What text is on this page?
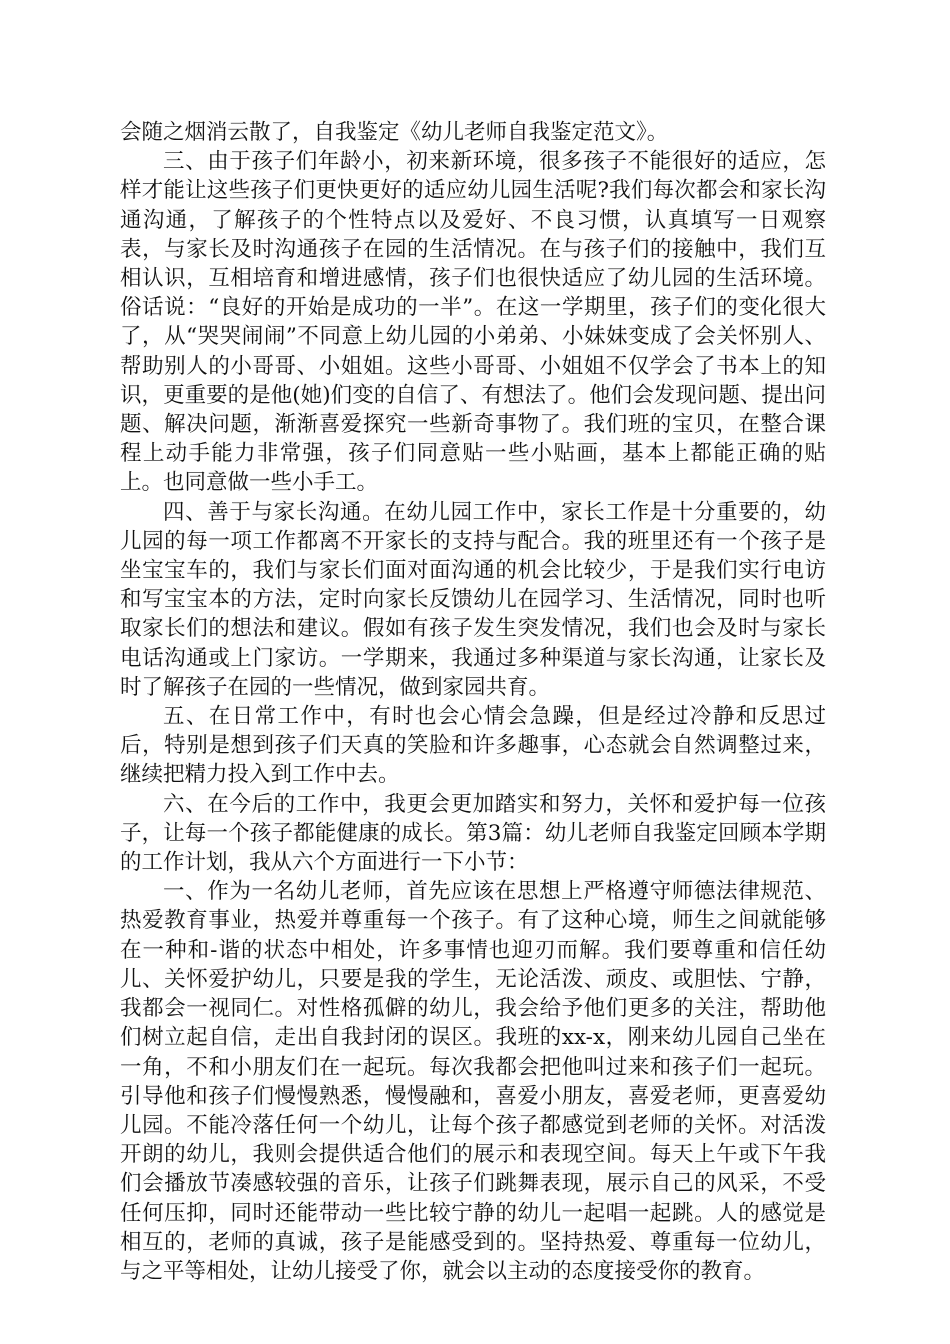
会随之烟消云散了，自我鉴定《幼儿老师自我鉴定范文》。

三、由于孩子们年龄小，初来新环境，很多孩子不能很好的适应，怎样才能让这些孩子们更快更好的适应幼儿园生活呢?我们每次都会和家长沟通沟通，了解孩子的个性特点以及爱好、不良习惯，认真填写一日观察表，与家长及时沟通孩子在园的生活情况。在与孩子们的接触中，我们互相认识，互相培育和增进感情，孩子们也很快适应了幼儿园的生活环境。俗话说：“良好的开始是成功的一半”。在这一学期里，孩子们的变化很大了，从“哭哭闹闹”不同意上幼儿园的小弟弟、小妹妹变成了会关怀别人、帮助别人的小哥哥、小姐姐。这些小哥哥、小姐姐不仅学会了书本上的知识，更重要的是他(她)们变的自信了、有想法了。他们会发现问题、提出问题、解决问题，渐渐喜爱探究一些新奇事物了。我们班的宝贝，在整合课程上动手能力非常强，孩子们同意贴一些小贴画，基本上都能正确的贴上。也同意做一些小手工。

四、善于与家长沟通。在幼儿园工作中，家长工作是十分重要的，幼儿园的每一项工作都离不开家长的支持与配合。我的班里还有一个孩子是坐宝宝车的，我们与家长们面对面沟通的机会比较少，于是我们实行电访和写宝宝本的方法，定时向家长反馈幼儿在园学习、生活情况，同时也听取家长们的想法和建议。假如有孩子发生突发情况，我们也会及时与家长电话沟通或上门家访。一学期来，我通过多种渠道与家长沟通，让家长及时了解孩子在园的一些情况，做到家园共育。

五、在日常工作中，有时也会心情会急躁，但是经过冷静和反思过后，特别是想到孩子们天真的笑脸和许多趣事，心态就会自然调整过来，继续把精力投入到工作中去。

六、在今后的工作中，我更会更加踏实和努力，关怀和爱护每一位孩子，让每一个孩子都能健康的成长。第3篇：幼儿老师自我鉴定回顾本学期的工作计划，我从六个方面进行一下小节：

一、作为一名幼儿老师，首先应该在思想上严格遵守师德法律规范、热爱教育事业，热爱并尊重每一个孩子。有了这种心境，师生之间就能够在一种和-谐的状态中相处，许多事情也迎刃而解。我们要尊重和信任幼儿、关怀爱护幼儿，只要是我的学生，无论活泼、顽皮、或胆怯、宁静，我都会一视同仁。对性格孤僻的幼儿，我会给予他们更多的关注，帮助他们树立起自信，走出自我封闭的误区。我班的xx-x，刚来幼儿园自己坐在一角，不和小朋友们在一起玩。每次我都会把他叫过来和孩子们一起玩。引导他和孩子们慢慢熟悉，慢慢融和，喜爱小朋友，喜爱老师，更喜爱幼儿园。不能冷落任何一个幼儿，让每个孩子都感觉到老师的关怀。对活泼开朗的幼儿，我则会提供适合他们的展示和表现空间。每天上午或下午我们会播放节凑感较强的音乐，让孩子们跳舞表现，展示自己的风采，不受任何压抑，同时还能带动一些比较宁静的幼儿一起唱一起跳。人的感觉是相互的，老师的真诚，孩子是能感受到的。坚持热爱、尊重每一位幼儿，与之平等相处，让幼儿接受了你，就会以主动的态度接受你的教育。
